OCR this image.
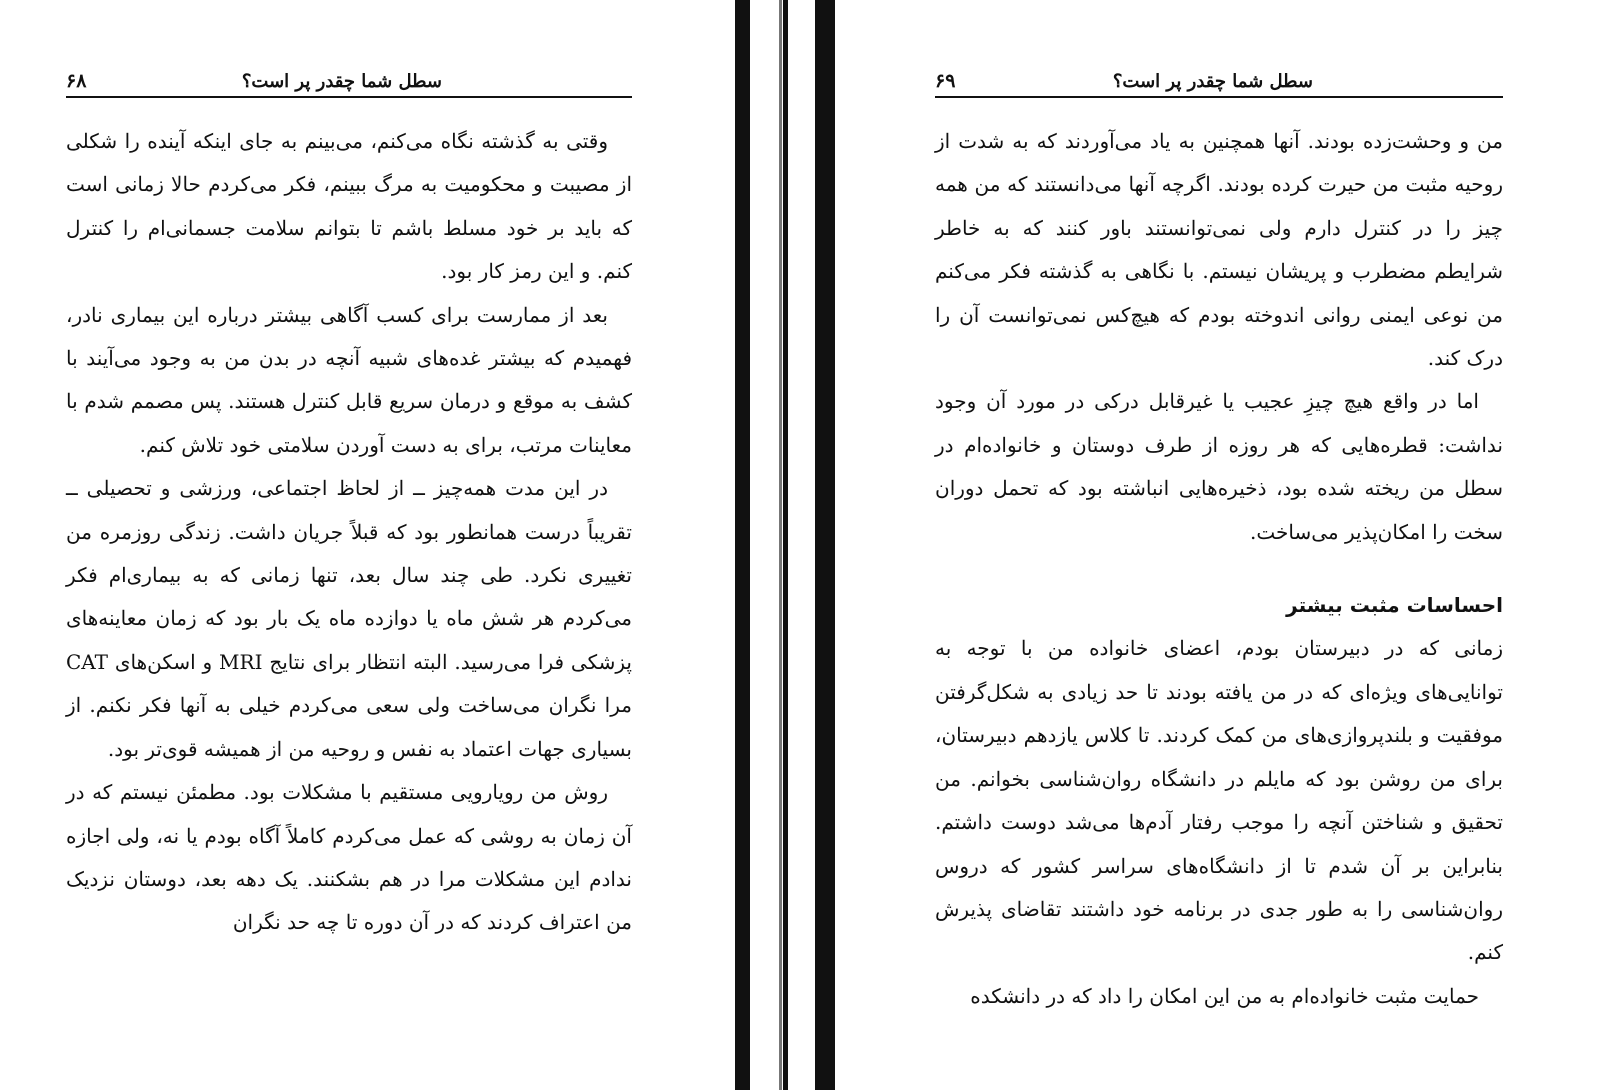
سطل شما چقدر پر است؟
۶۸

وقتی به گذشته نگاه می‌کنم، می‌بینم به جای اینکه آینده را شکلی از مصیبت و محکومیت به مرگ ببینم، فکر می‌کردم حالا زمانی است که باید بر خود مسلط باشم تا بتوانم سلامت جسمانی‌ام را کنترل کنم. و این رمز کار بود.

بعد از ممارست برای کسب آگاهی بیشتر درباره این بیماری نادر، فهمیدم که بیشتر غده‌های شبیه آنچه در بدن من به وجود می‌آیند با کشف به موقع و درمان سریع قابل کنترل هستند. پس مصمم شدم با معاینات مرتب، برای به دست آوردن سلامتی خود تلاش کنم.

در این مدت همه‌چیز ــ از لحاظ اجتماعی، ورزشی و تحصیلی ــ تقریباً درست همانطور بود که قبلاً جریان داشت. زندگی روزمره من تغییری نکرد. طی چند سال بعد، تنها زمانی که به بیماری‌ام فکر می‌کردم هر شش ماه یا دوازده ماه یک بار بود که زمان معاینه‌های پزشکی فرا می‌رسید. البته انتظار برای نتایج MRI و اسکن‌های CAT مرا نگران می‌ساخت ولی سعی می‌کردم خیلی به آنها فکر نکنم. از بسیاری جهات اعتماد به نفس و روحیه من از همیشه قوی‌تر بود.

روش من رویارویی مستقیم با مشکلات بود. مطمئن نیستم که در آن زمان به روشی که عمل می‌کردم کاملاً آگاه بودم یا نه، ولی اجازه ندادم این مشکلات مرا در هم بشکنند. یک دهه بعد، دوستان نزدیک من اعتراف کردند که در آن دوره تا چه حد نگران

سطل شما چقدر پر است؟
۶۹

من و وحشت‌زده بودند. آنها همچنین به یاد می‌آوردند که به شدت از روحیه مثبت من حیرت کرده بودند. اگرچه آنها می‌دانستند که من همه چیز را در کنترل دارم ولی نمی‌توانستند باور کنند که به خاطر شرایطم مضطرب و پریشان نیستم. با نگاهی به گذشته فکر می‌کنم من نوعی ایمنی روانی اندوخته بودم که هیچ‌کس نمی‌توانست آن را درک کند.

اما در واقع هیچ چیزِ عجیب یا غیرقابل درکی در مورد آن وجود نداشت: قطره‌هایی که هر روزه از طرف دوستان و خانواده‌ام در سطل من ریخته شده بود، ذخیره‌هایی انباشته بود که تحمل دوران سخت را امکان‌پذیر می‌ساخت.

احساسات مثبت بیشتر

زمانی که در دبیرستان بودم، اعضای خانواده من با توجه به توانایی‌های ویژه‌ای که در من یافته بودند تا حد زیادی به شکل‌گرفتن موفقیت و بلندپروازی‌های من کمک کردند. تا کلاس یازدهم دبیرستان، برای من روشن بود که مایلم در دانشگاه روان‌شناسی بخوانم. من تحقیق و شناختن آنچه را موجب رفتار آدم‌ها می‌شد دوست داشتم. بنابراین بر آن شدم تا از دانشگاه‌های سراسر کشور که دروس روان‌شناسی را به طور جدی در برنامه خود داشتند تقاضای پذیرش کنم.

حمایت مثبت خانواده‌ام به من این امکان را داد که در دانشکده
